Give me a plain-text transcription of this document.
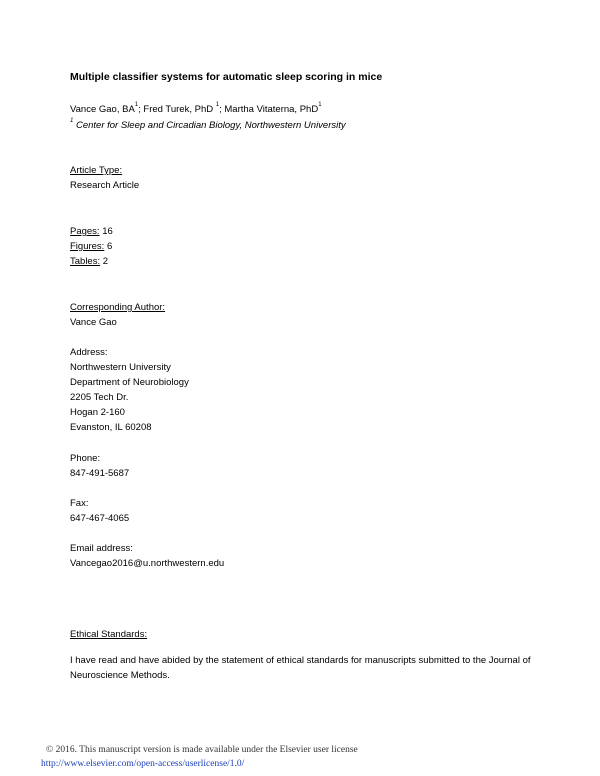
Multiple classifier systems for automatic sleep scoring in mice
Vance Gao, $BA^1$; Fred Turek, PhD $^1$; Martha Vitaterna, PhD$^1$
$^1$ Center for Sleep and Circadian Biology, Northwestern University
Article Type:
Research Article
Pages: 16
Figures: 6
Tables: 2
Corresponding Author:
Vance Gao
Address:
Northwestern University
Department of Neurobiology
2205 Tech Dr.
Hogan 2-160
Evanston, IL 60208
Phone:
847-491-5687
Fax:
647-467-4065
Email address:
Vancegao2016@u.northwestern.edu
Ethical Standards:
I have read and have abided by the statement of ethical standards for manuscripts submitted to the Journal of Neuroscience Methods.
© 2016. This manuscript version is made available under the Elsevier user license
http://www.elsevier.com/open-access/userlicense/1.0/
